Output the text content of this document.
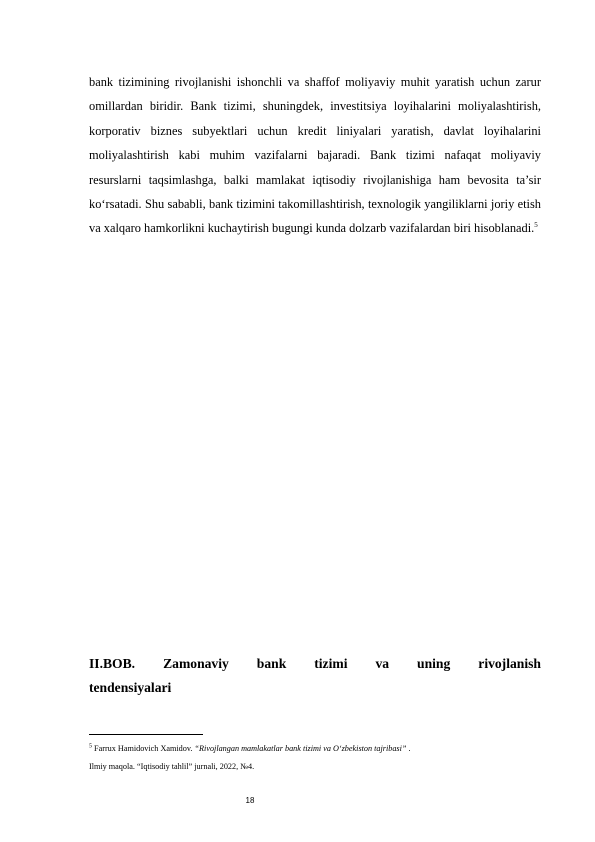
bank tizimining rivojlanishi ishonchli va shaffof moliyaviy muhit yaratish uchun zarur omillardan biridir. Bank tizimi, shuningdek, investitsiya loyihalarini moliyalashtirish, korporativ biznes subyektlari uchun kredit liniyalari yaratish, davlat loyihalarini moliyalashtirish kabi muhim vazifalarni bajaradi. Bank tizimi nafaqat moliyaviy resurslarni taqsimlashga, balki mamlakat iqtisodiy rivojlanishiga ham bevosita ta’sir ko‘rsatadi. Shu sababli, bank tizimini takomillashtirish, texnologik yangiliklarni joriy etish va xalqaro hamkorlikni kuchaytirish bugungi kunda dolzarb vazifalardan biri hisoblanadi.$^5$

II.BOB. Zamonaviy bank tizimi va uning rivojlanish
tendensiyalari

$^5$ Farrux Hamidovich Xamidov. “Rivojlangan mamlakatlar bank tizimi va O‘zbekiston tajribasi” .

Ilmiy maqola. “Iqtisodiy tahlil” jurnali, 2022, №4.

18
